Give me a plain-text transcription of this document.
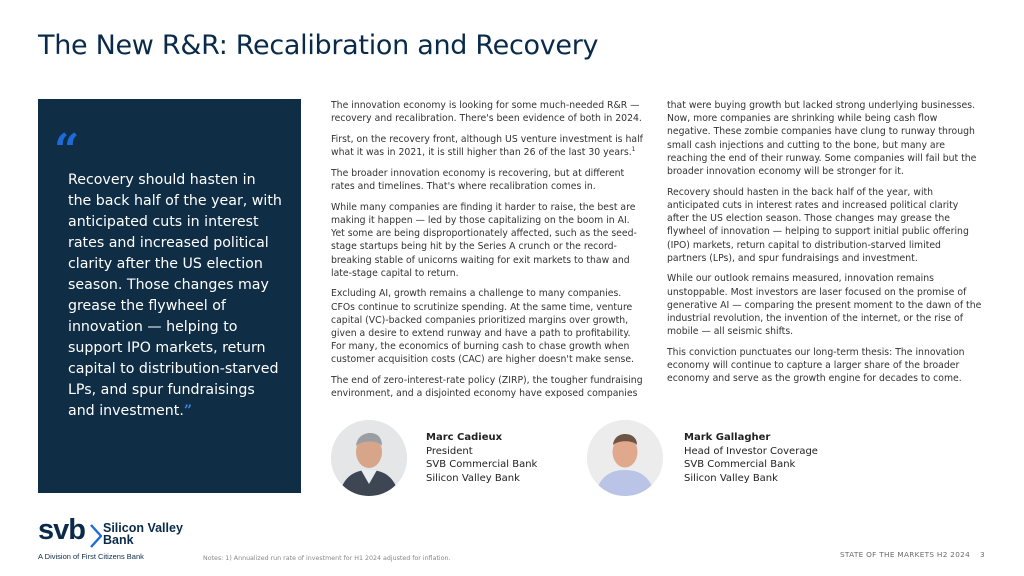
The New R&R: Recalibration and Recovery
“
Recovery should hasten in the back half of the year, with anticipated cuts in interest rates and increased political clarity after the US election season. Those changes may grease the flywheel of innovation — helping to support IPO markets, return capital to distribution-starved LPs, and spur fundraisings and investment.”

The innovation economy is looking for some much-needed R&R — recovery and recalibration. There's been evidence of both in 2024.

First, on the recovery front, although US venture investment is half what it was in 2021, it is still higher than 26 of the last 30 years.$^1$

The broader innovation economy is recovering, but at different rates and timelines. That's where recalibration comes in.

While many companies are finding it harder to raise, the best are making it happen — led by those capitalizing on the boom in AI. Yet some are being disproportionately affected, such as the seed-stage startups being hit by the Series A crunch or the record-breaking stable of unicorns waiting for exit markets to thaw and late-stage capital to return.

Excluding AI, growth remains a challenge to many companies. CFOs continue to scrutinize spending. At the same time, venture capital (VC)-backed companies prioritized margins over growth, given a desire to extend runway and have a path to profitability. For many, the economics of burning cash to chase growth when customer acquisition costs (CAC) are higher doesn't make sense.

The end of zero-interest-rate policy (ZIRP), the tougher fundraising environment, and a disjointed economy have exposed companies

that were buying growth but lacked strong underlying businesses. Now, more companies are shrinking while being cash flow negative. These zombie companies have clung to runway through small cash injections and cutting to the bone, but many are reaching the end of their runway. Some companies will fail but the broader innovation economy will be stronger for it.

Recovery should hasten in the back half of the year, with anticipated cuts in interest rates and increased political clarity after the US election season. Those changes may grease the flywheel of innovation — helping to support initial public offering (IPO) markets, return capital to distribution-starved limited partners (LPs), and spur fundraisings and investment.

While our outlook remains measured, innovation remains unstoppable. Most investors are laser focused on the promise of generative AI — comparing the present moment to the dawn of the industrial revolution, the invention of the internet, or the rise of mobile — all seismic shifts.

This conviction punctuates our long-term thesis: The innovation economy will continue to capture a larger share of the broader economy and serve as the growth engine for decades to come.

Marc Cadieux
President
SVB Commercial Bank
Silicon Valley Bank
Mark Gallagher
Head of Investor Coverage
SVB Commercial Bank
Silicon Valley Bank
svb Silicon Valley
Bank
A Division of First Citizens Bank	Notes: 1) Annualized run rate of investment for H1 2024 adjusted for inflation.	STATE OF THE MARKETS H2 2024 3
